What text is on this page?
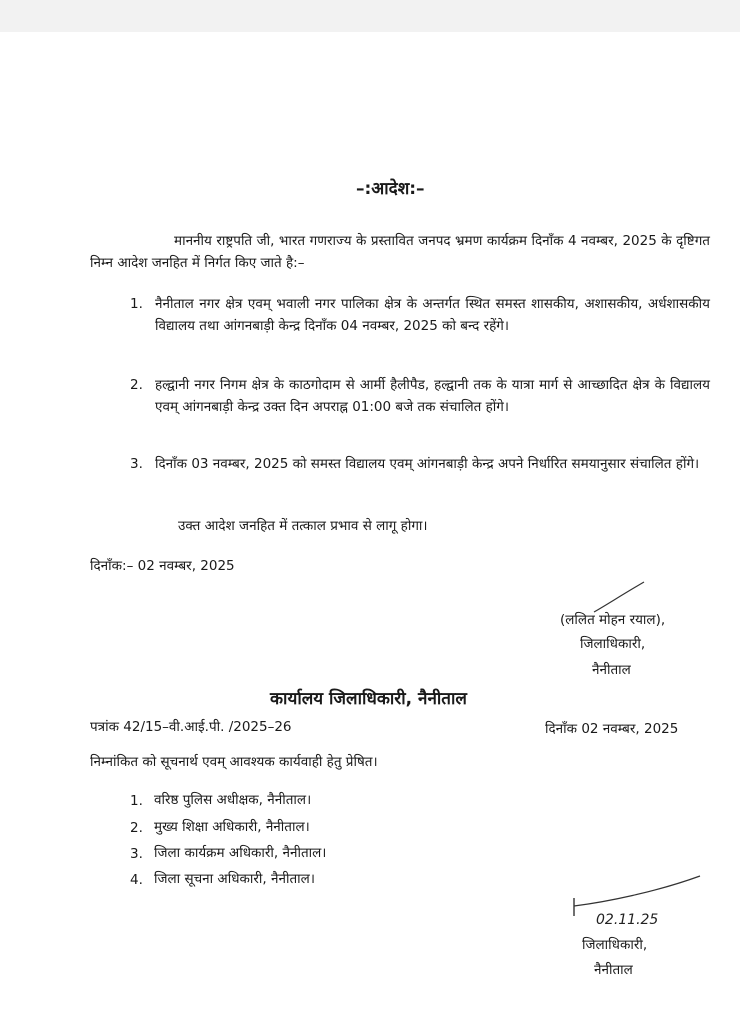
–:आदेश:–
माननीय राष्ट्रपति जी, भारत गणराज्य के प्रस्तावित जनपद भ्रमण कार्यक्रम दिनाँक 4 नवम्बर, 2025 के दृष्टिगत निम्न आदेश जनहित में निर्गत किए जाते है:–
1. नैनीताल नगर क्षेत्र एवम् भवाली नगर पालिका क्षेत्र के अन्तर्गत स्थित समस्त शासकीय, अशासकीय, अर्धशासकीय विद्यालय तथा आंगनबाड़ी केन्द्र दिनाँक 04 नवम्बर, 2025 को बन्द रहेंगे।
2. हल्द्वानी नगर निगम क्षेत्र के काठगोदाम से आर्मी हैलीपैड, हल्द्वानी तक के यात्रा मार्ग से आच्छादित क्षेत्र के विद्यालय एवम् आंगनबाड़ी केन्द्र उक्त दिन अपराह्न 01:00 बजे तक संचालित होंगे।
3. दिनाँक 03 नवम्बर, 2025 को समस्त विद्यालय एवम् आंगनबाड़ी केन्द्र अपने निर्धारित समयानुसार संचालित होंगे।
उक्त आदेश जनहित में तत्काल प्रभाव से लागू होगा।
दिनाँक:– 02 नवम्बर, 2025
(ललित मोहन रयाल),
जिलाधिकारी,
नैनीताल
कार्यालय जिलाधिकारी, नैनीताल
पत्रांक 42/15–वी.आई.पी. /2025–26	दिनाँक 02 नवम्बर, 2025
निम्नांकित को सूचनार्थ एवम् आवश्यक कार्यवाही हेतु प्रेषित।
1. वरिष्ठ पुलिस अधीक्षक, नैनीताल।
2. मुख्य शिक्षा अधिकारी, नैनीताल।
3. जिला कार्यक्रम अधिकारी, नैनीताल।
4. जिला सूचना अधिकारी, नैनीताल।
02.11.25
जिलाधिकारी,
नैनीताल
